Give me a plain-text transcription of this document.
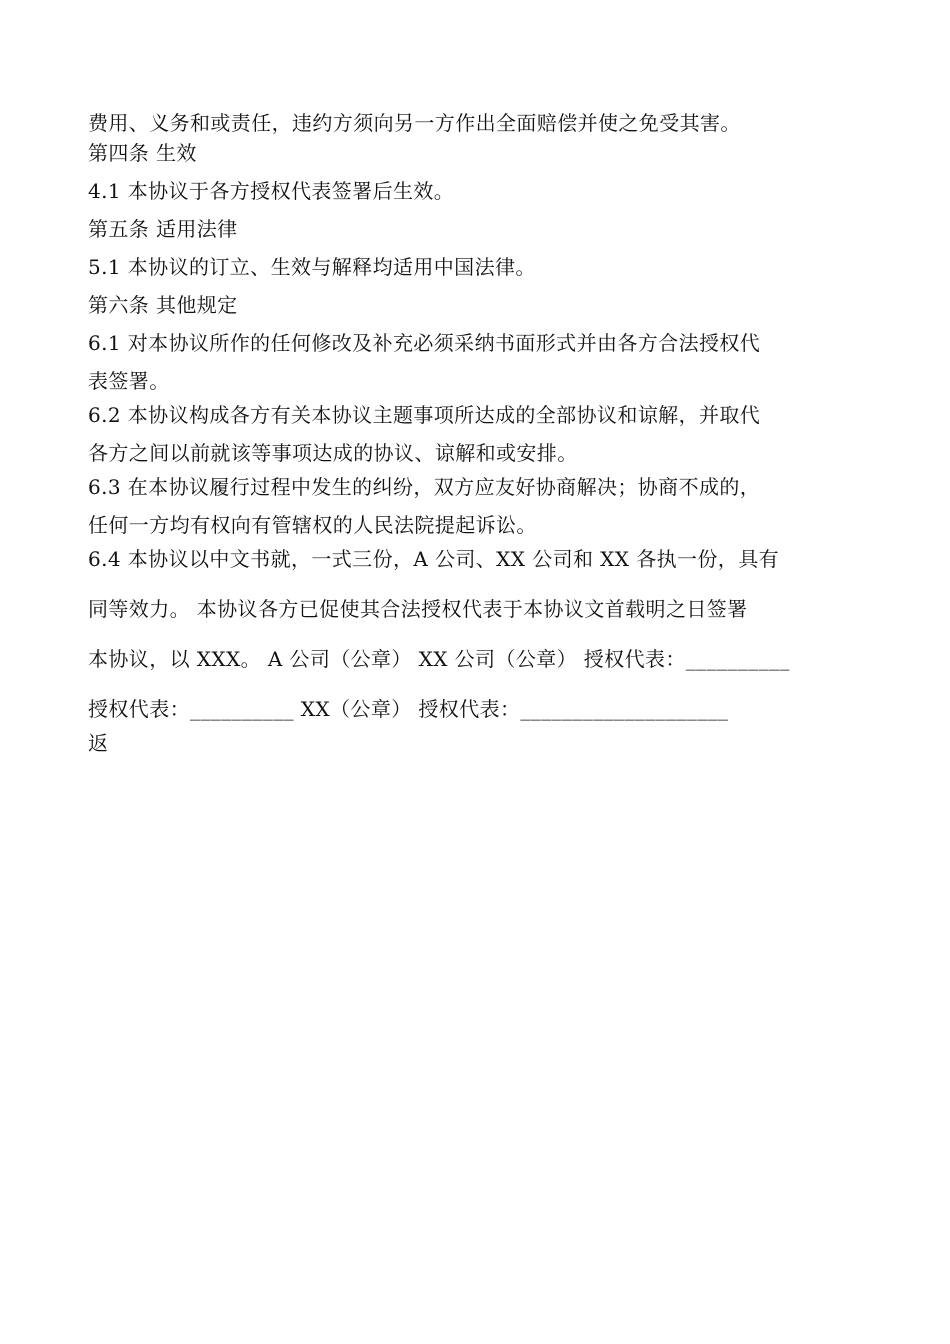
费用、义务和或责任，违约方须向另一方作出全面赔偿并使之免受其害。
第四条 生效
4.1 本协议于各方授权代表签署后生效。
第五条 适用法律
5.1 本协议的订立、生效与解释均适用中国法律。
第六条 其他规定
6.1 对本协议所作的任何修改及补充必须采纳书面形式并由各方合法授权代
表签署。
6.2 本协议构成各方有关本协议主题事项所达成的全部协议和谅解，并取代
各方之间以前就该等事项达成的协议、谅解和或安排。
6.3 在本协议履行过程中发生的纠纷，双方应友好协商解决；协商不成的，
任何一方均有权向有管辖权的人民法院提起诉讼。
6.4 本协议以中文书就，一式三份，A 公司、XX 公司和 XX 各执一份，具有
同等效力。 本协议各方已促使其合法授权代表于本协议文首载明之日签署
本协议，以 XXX。 A 公司（公章） XX 公司（公章） 授权代表：__________
授权代表：__________ XX（公章） 授权代表：____________________
返
